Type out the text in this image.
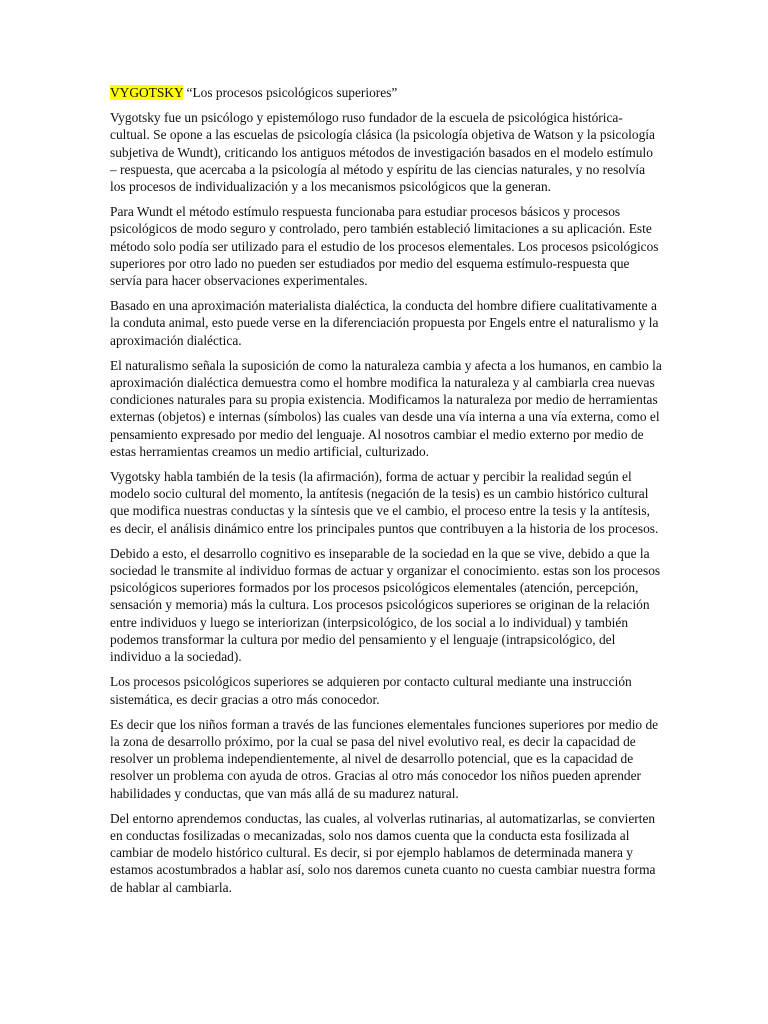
VYGOTSKY “Los procesos psicológicos superiores”

Vygotsky fue un psicólogo y epistemólogo ruso fundador de la escuela de psicológica histórica-cultual. Se opone a las escuelas de psicología clásica (la psicología objetiva de Watson y la psicología subjetiva de Wundt), criticando los antiguos métodos de investigación basados en el modelo estímulo – respuesta, que acercaba a la psicología al método y espíritu de las ciencias naturales, y no resolvía los procesos de individualización y a los mecanismos psicológicos que la generan.

Para Wundt el método estímulo respuesta funcionaba para estudiar procesos básicos y procesos psicológicos de modo seguro y controlado, pero también estableció limitaciones a su aplicación. Este método solo podía ser utilizado para el estudio de los procesos elementales. Los procesos psicológicos superiores por otro lado no pueden ser estudiados por medio del esquema estímulo-respuesta que servía para hacer observaciones experimentales.

Basado en una aproximación materialista dialéctica, la conducta del hombre difiere cualitativamente a la conduta animal, esto puede verse en la diferenciación propuesta por Engels entre el naturalismo y la aproximación dialéctica.

El naturalismo señala la suposición de como la naturaleza cambia y afecta a los humanos, en cambio la aproximación dialéctica demuestra como el hombre modifica la naturaleza y al cambiarla crea nuevas condiciones naturales para su propia existencia. Modificamos la naturaleza por medio de herramientas externas (objetos) e internas (símbolos) las cuales van desde una vía interna a una vía externa, como el pensamiento expresado por medio del lenguaje. Al nosotros cambiar el medio externo por medio de estas herramientas creamos un medio artificial, culturizado.

Vygotsky habla también de la tesis (la afirmación), forma de actuar y percibir la realidad según el modelo socio cultural del momento, la antítesis (negación de la tesis) es un cambio histórico cultural que modifica nuestras conductas y la síntesis que ve el cambio, el proceso entre la tesis y la antítesis, es decir, el análisis dinámico entre los principales puntos que contribuyen a la historia de los procesos.

Debido a esto, el desarrollo cognitivo es inseparable de la sociedad en la que se vive, debido a que la sociedad le transmite al individuo formas de actuar y organizar el conocimiento. estas son los procesos psicológicos superiores formados por los procesos psicológicos elementales (atención, percepción, sensación y memoria) más la cultura. Los procesos psicológicos superiores se originan de la relación entre individuos y luego se interiorizan (interpsicológico, de los social a lo individual) y también podemos transformar la cultura por medio del pensamiento y el lenguaje (intrapsicológico, del individuo a la sociedad).

Los procesos psicológicos superiores se adquieren por contacto cultural mediante una instrucción sistemática, es decir gracias a otro más conocedor.

Es decir que los niños forman a través de las funciones elementales funciones superiores por medio de la zona de desarrollo próximo, por la cual se pasa del nivel evolutivo real, es decir la capacidad de resolver un problema independientemente, al nivel de desarrollo potencial, que es la capacidad de resolver un problema con ayuda de otros. Gracias al otro más conocedor los niños pueden aprender habilidades y conductas, que van más allá de su madurez natural.

Del entorno aprendemos conductas, las cuales, al volverlas rutinarias, al automatizarlas, se convierten en conductas fosilizadas o mecanizadas, solo nos damos cuenta que la conducta esta fosilizada al cambiar de modelo histórico cultural. Es decir, si por ejemplo hablamos de determinada manera y estamos acostumbrados a hablar así, solo nos daremos cuneta cuanto no cuesta cambiar nuestra forma de hablar al cambiarla.
